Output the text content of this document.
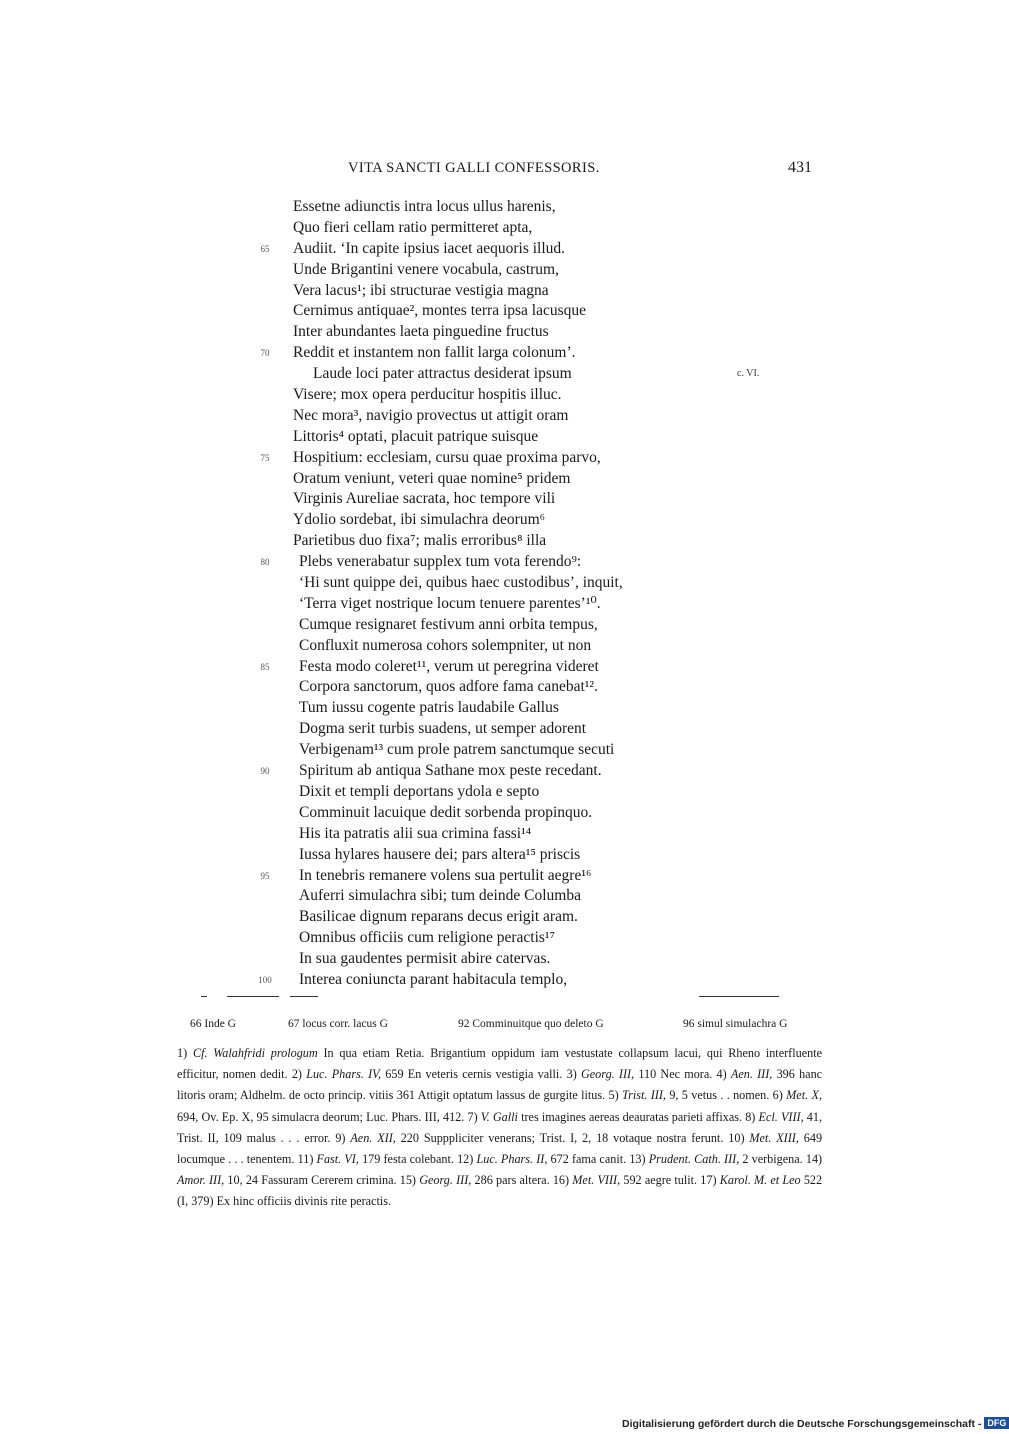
VITA SANCTI GALLI CONFESSORIS.	431
Essetne adiunctis intra locus ullus harenis,
Quo fieri cellam ratio permitteret apta,
Audiit. ‘In capite ipsius iacet aequoris illud.
65
Unde Brigantini venere vocabula, castrum,
Vera lacus¹; ibi structurae vestigia magna
Cernimus antiquae², montes terra ipsa lacusque
Inter abundantes laeta pinguedine fructus
Reddit et instantem non fallit larga colonum’.
70
Laude loci pater attractus desiderat ipsum	c. VI.
Visere; mox opera perducitur hospitis illuc.
Nec mora³, navigio provectus ut attigit oram
Littoris⁴ optati, placuit patrique suisque
Hospitium: ecclesiam, cursu quae proxima parvo,
75
Oratum veniunt, veteri quae nomine⁵ pridem
Virginis Aureliae sacrata, hoc tempore vili
Ydolio sordebat, ibi simulachra deorum⁶
Parietibus duo fixa⁷; malis erroribus⁸ illa
Plebs venerabatur supplex tum vota ferendo⁹:
80
‘Hi sunt quippe dei, quibus haec custodibus’, inquit,
‘Terra viget nostrique locum tenuere parentes’¹⁰.
Cumque resignaret festivum anni orbita tempus,
Confluxit numerosa cohors solempniter, ut non
Festa modo coleret¹¹, verum ut peregrina videret
85
Corpora sanctorum, quos adfore fama canebat¹².
Tum iussu cogente patris laudabile Gallus
Dogma serit turbis suadens, ut semper adorent
Verbigenam¹³ cum prole patrem sanctumque secuti
Spiritum ab antiqua Sathane mox peste recedant.
90
Dixit et templi deportans ydola e septo
Comminuit lacuique dedit sorbenda propinquo.
His ita patratis alii sua crimina fassi¹⁴
Iussa hylares hausere dei; pars altera¹⁵ priscis
In tenebris remanere volens sua pertulit aegre¹⁶
95
Auferri simulachra sibi; tum deinde Columba
Basilicae dignum reparans decus erigit aram.
Omnibus officiis cum religione peractis¹⁷
In sua gaudentes permisit abire catervas.
Interea coniuncta parant habitacula templo,
100
66 Inde G	67 locus corr. lacus G	92 Comminuitque quo deleto G	96 simul simulachra G
1) Cf. Walahfridi prologum In qua etiam Retia. Brigantium oppidum iam vestustate collapsum lacui, qui Rheno interfluente efficitur, nomen dedit. 2) Luc. Phars. IV, 659 En veteris cernis vestigia valli. 3) Georg. III, 110 Nec mora. 4) Aen. III, 396 hanc litoris oram; Aldhelm. de octo princip. vitiis 361 Attigit optatum lassus de gurgite litus. 5) Trist. III, 9, 5 vetus . . nomen. 6) Met. X, 694, Ov. Ep. X, 95 simulacra deorum; Luc. Phars. III, 412. 7) V. Galli tres imagines aereas deauratas parieti affixas. 8) Ecl. VIII, 41, Trist. II, 109 malus . . . error. 9) Aen. XII, 220 Supppliciter venerans; Trist. I, 2, 18 votaque nostra ferunt. 10) Met. XIII, 649 locumque . . . tenentem. 11) Fast. VI, 179 festa colebant. 12) Luc. Phars. II, 672 fama canit. 13) Prudent. Cath. III, 2 verbigena. 14) Amor. III, 10, 24 Fassuram Cererem crimina. 15) Georg. III, 286 pars altera. 16) Met. VIII, 592 aegre tulit. 17) Karol. M. et Leo 522 (I, 379) Ex hinc officiis divinis rite peractis.
Digitalisierung gefördert durch die Deutsche Forschungsgemeinschaft - DFG
